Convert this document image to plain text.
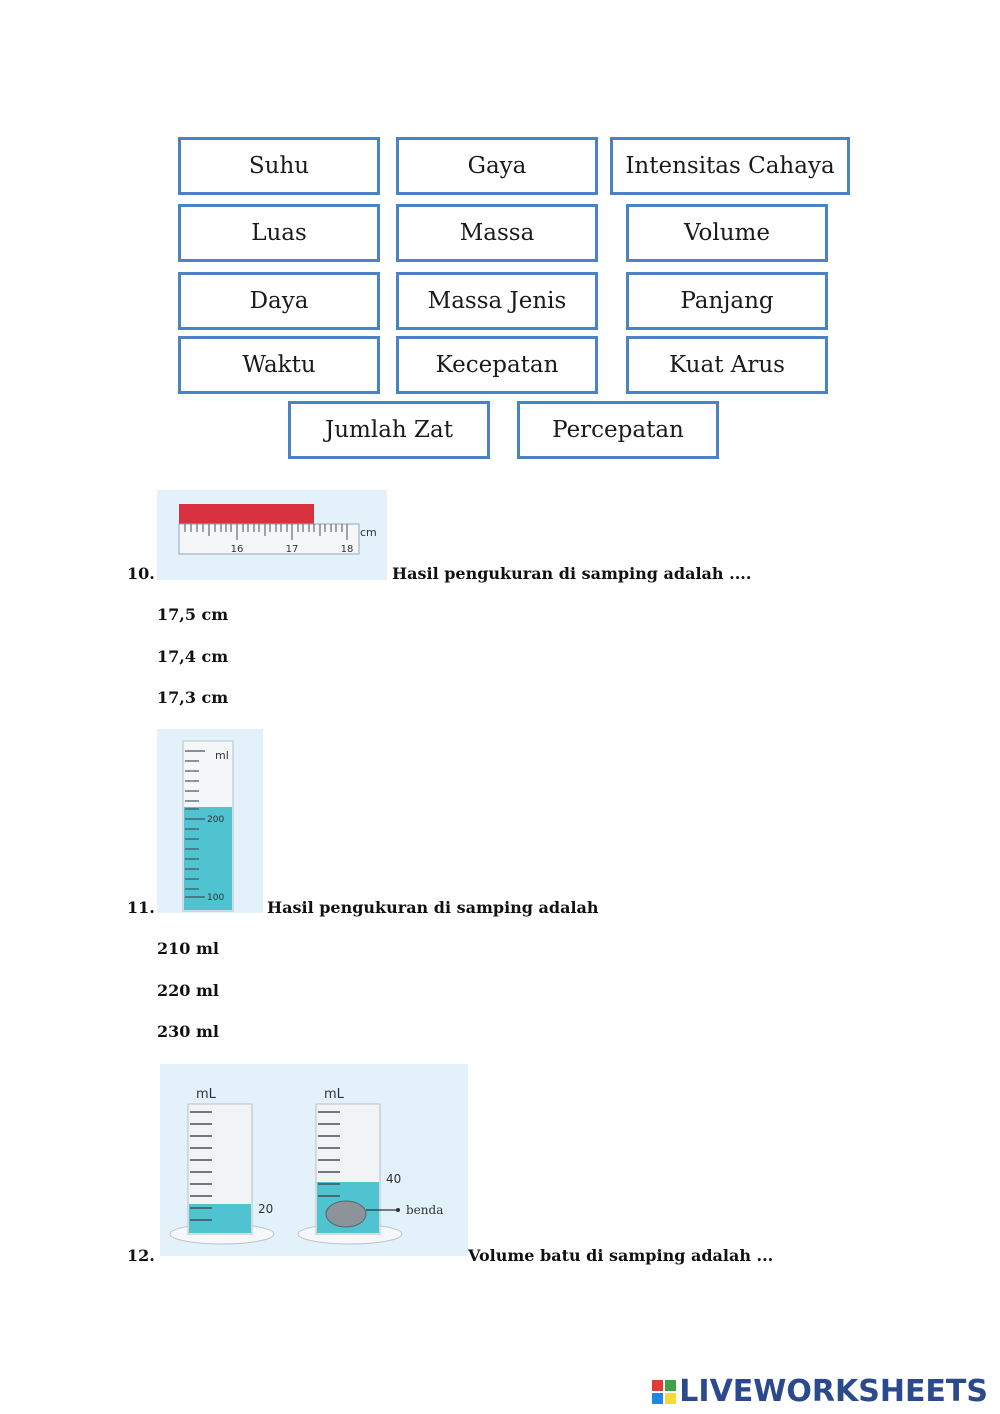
Suhu	Gaya	Intensitas Cahaya
Luas	Massa	Volume
Daya	Massa Jenis	Panjang
Waktu	Kecepatan	Kuat Arus
Jumlah Zat	Percepatan
16	17	18
cm
10.	Hasil pengukuran di samping adalah ....
17,5 cm
17,4 cm
17,3 cm
ml
200
100
11.	Hasil pengukuran di samping adalah
210 ml
220 ml
230 ml
mL
20
mL
40
benda
12.	Volume batu di samping adalah ...
LIVEWORKSHEETS
